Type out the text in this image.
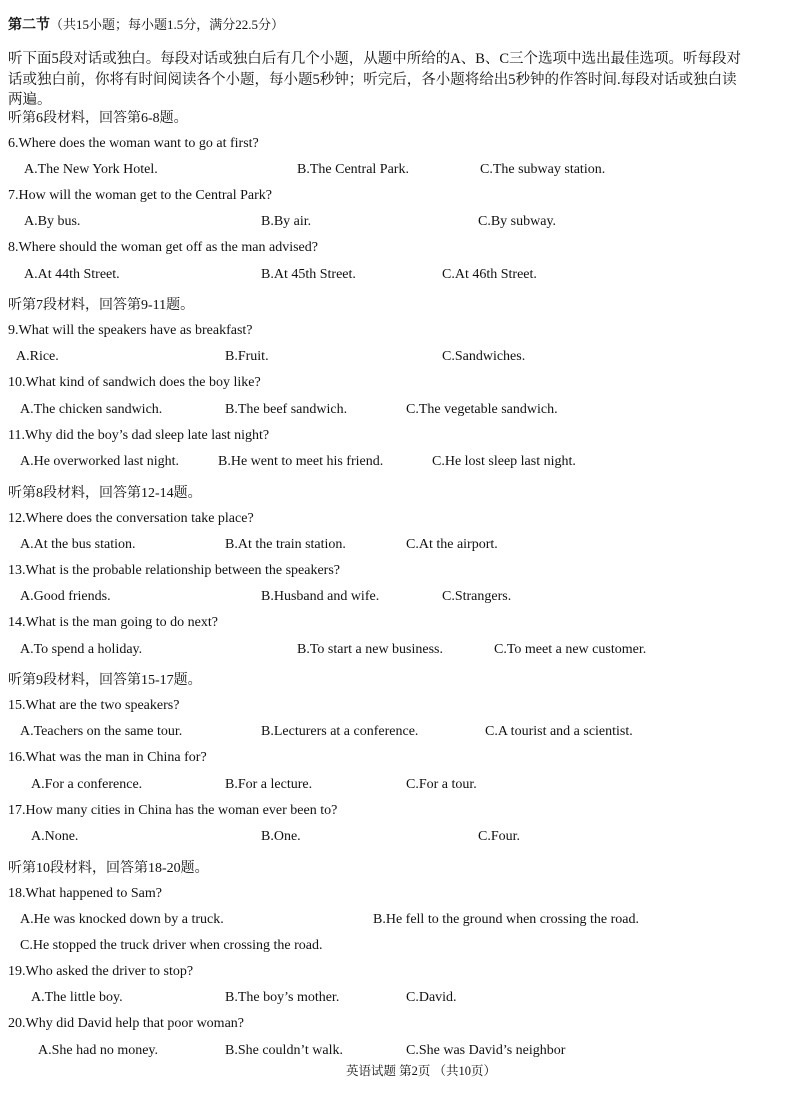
第二节（共15小题；每小题1.5分，满分22.5分）
听下面5段对话或独白。每段对话或独白后有几个小题，从题中所给的A、B、C三个选项中选出最佳选项。听每段对
话或独白前，你将有时间阅读各个小题，每小题5秒钟；听完后，各小题将给出5秒钟的作答时间.每段对话或独白读
两遍。
听第6段材料，回答第6-8题。
6.Where does the woman want to go at first?
A.The New York Hotel.	B.The Central Park.	C.The subway station.
7.How will the woman get to the Central Park?
A.By bus.	B.By air.	C.By subway.
8.Where should the woman get off as the man advised?
A.At 44th Street.	B.At 45th Street.	C.At 46th Street.
听第7段材料，回答第9-11题。
9.What will the speakers have as breakfast?
A.Rice.	B.Fruit.	C.Sandwiches.
10.What kind of sandwich does the boy like?
A.The chicken sandwich.	B.The beef sandwich.	C.The vegetable sandwich.
11.Why did the boy’s dad sleep late last night?
A.He overworked last night.	B.He went to meet his friend.	C.He lost sleep last night.
听第8段材料，回答第12-14题。
12.Where does the conversation take place?
A.At the bus station.	B.At the train station.	C.At the airport.
13.What is the probable relationship between the speakers?
A.Good friends.	B.Husband and wife.	C.Strangers.
14.What is the man going to do next?
A.To spend a holiday.	B.To start a new business.	C.To meet a new customer.
听第9段材料，回答第15-17题。
15.What are the two speakers?
A.Teachers on the same tour.	B.Lecturers at a conference.	C.A tourist and a scientist.
16.What was the man in China for?
A.For a conference.	B.For a lecture.	C.For a tour.
17.How many cities in China has the woman ever been to?
A.None.	B.One.	C.Four.
听第10段材料，回答第18-20题。
18.What happened to Sam?
A.He was knocked down by a truck.	B.He fell to the ground when crossing the road.
C.He stopped the truck driver when crossing the road.
19.Who asked the driver to stop?
A.The little boy.	B.The boy’s mother.	C.David.
20.Why did David help that poor woman?
A.She had no money.	B.She couldn’t walk.	C.She was David’s neighbor
英语试题 第2页 （共10页）
